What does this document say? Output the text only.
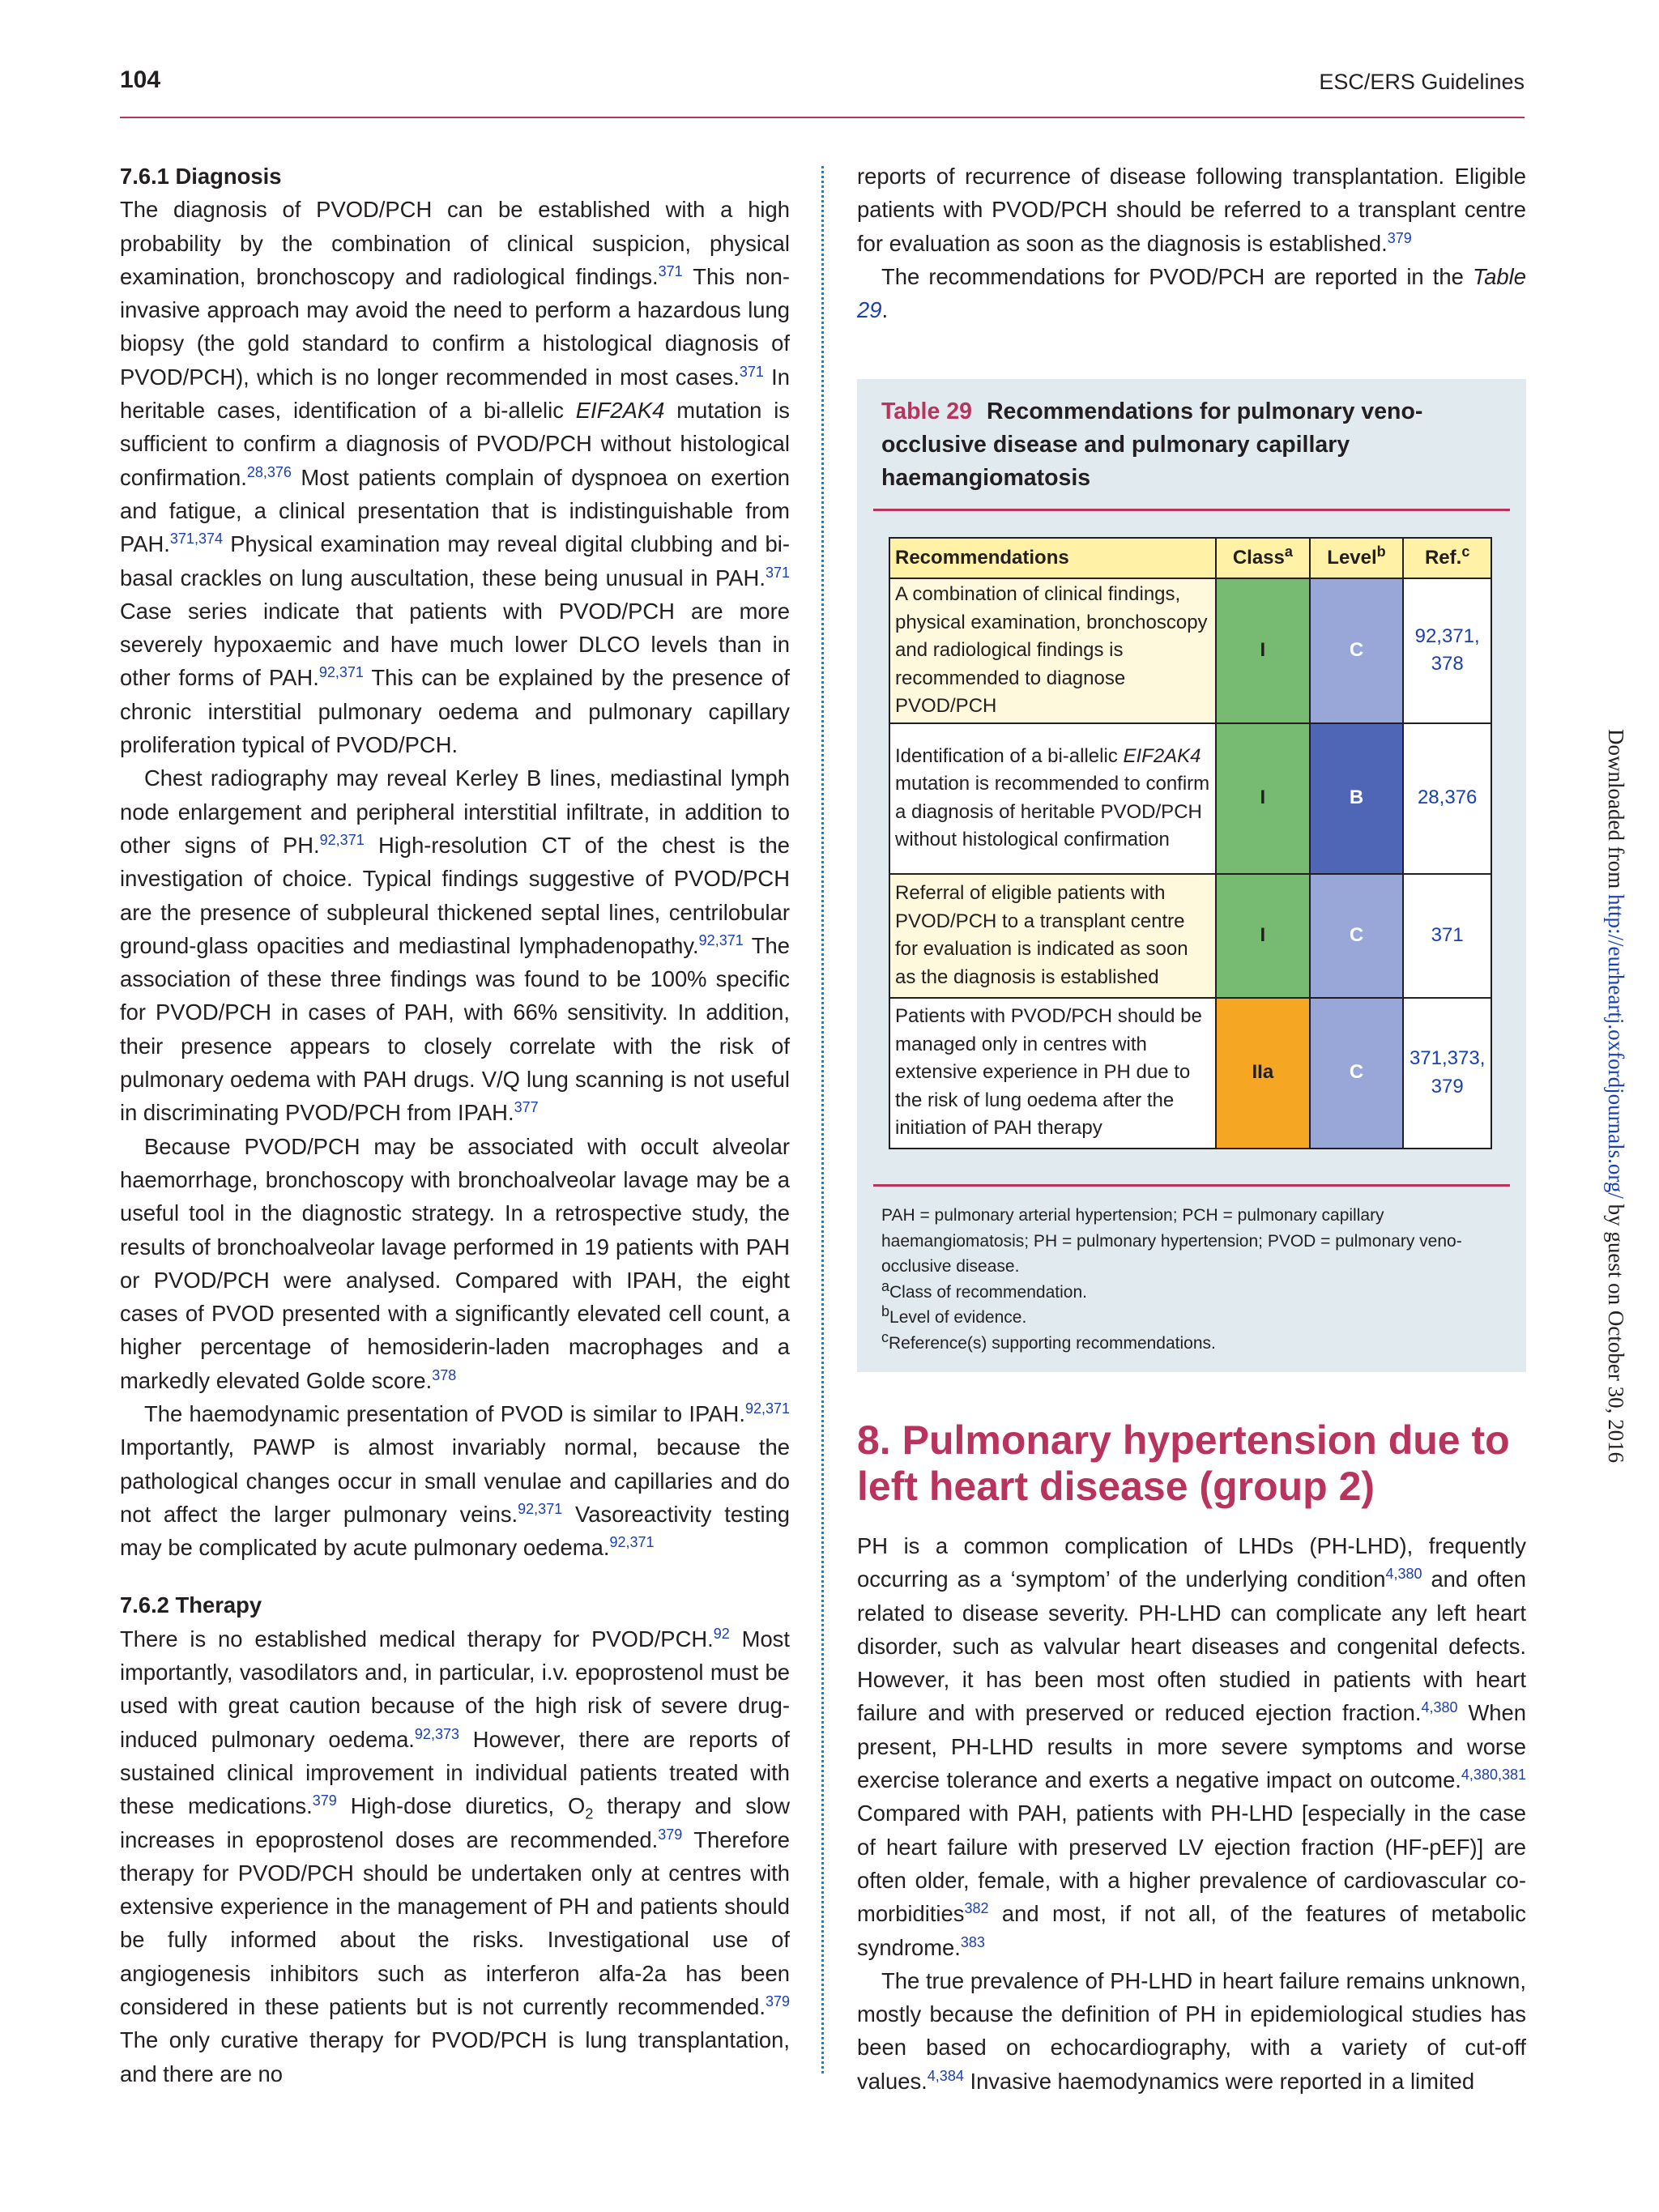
104	ESC/ERS Guidelines
7.6.1 Diagnosis

The diagnosis of PVOD/PCH can be established with a high probability by the combination of clinical suspicion, physical examination, bronchoscopy and radiological findings.$^{371}$ This non-invasive approach may avoid the need to perform a hazardous lung biopsy (the gold standard to confirm a histological diagnosis of PVOD/PCH), which is no longer recommended in most cases.$^{371}$ In heritable cases, identification of a bi-allelic EIF2AK4 mutation is sufficient to confirm a diagnosis of PVOD/PCH without histological confirmation.$^{28,376}$ Most patients complain of dyspnoea on exertion and fatigue, a clinical presentation that is indistinguishable from PAH.$^{371,374}$ Physical examination may reveal digital clubbing and bi-basal crackles on lung auscultation, these being unusual in PAH.$^{371}$ Case series indicate that patients with PVOD/PCH are more severely hypoxaemic and have much lower DLCO levels than in other forms of PAH.$^{92,371}$ This can be explained by the presence of chronic interstitial pulmonary oedema and pulmonary capillary proliferation typical of PVOD/PCH.

Chest radiography may reveal Kerley B lines, mediastinal lymph node enlargement and peripheral interstitial infiltrate, in addition to other signs of PH.$^{92,371}$ High-resolution CT of the chest is the investigation of choice. Typical findings suggestive of PVOD/PCH are the presence of subpleural thickened septal lines, centrilobular ground-glass opacities and mediastinal lymphadenopathy.$^{92,371}$ The association of these three findings was found to be 100% specific for PVOD/PCH in cases of PAH, with 66% sensitivity. In addition, their presence appears to closely correlate with the risk of pulmonary oedema with PAH drugs. V/Q lung scanning is not useful in discriminating PVOD/PCH from IPAH.$^{377}$

Because PVOD/PCH may be associated with occult alveolar haemorrhage, bronchoscopy with bronchoalveolar lavage may be a useful tool in the diagnostic strategy. In a retrospective study, the results of bronchoalveolar lavage performed in 19 patients with PAH or PVOD/PCH were analysed. Compared with IPAH, the eight cases of PVOD presented with a significantly elevated cell count, a higher percentage of hemosiderin-laden macrophages and a markedly elevated Golde score.$^{378}$

The haemodynamic presentation of PVOD is similar to IPAH.$^{92,371}$ Importantly, PAWP is almost invariably normal, because the pathological changes occur in small venulae and capillaries and do not affect the larger pulmonary veins.$^{92,371}$ Vasoreactivity testing may be complicated by acute pulmonary oedema.$^{92,371}$

7.6.2 Therapy

There is no established medical therapy for PVOD/PCH.$^{92}$ Most importantly, vasodilators and, in particular, i.v. epoprostenol must be used with great caution because of the high risk of severe drug-induced pulmonary oedema.$^{92,373}$ However, there are reports of sustained clinical improvement in individual patients treated with these medications.$^{379}$ High-dose diuretics, $O_2$ therapy and slow increases in epoprostenol doses are recommended.$^{379}$ Therefore therapy for PVOD/PCH should be undertaken only at centres with extensive experience in the management of PH and patients should be fully informed about the risks. Investigational use of angiogenesis inhibitors such as interferon alfa-2a has been considered in these patients but is not currently recommended.$^{379}$ The only curative therapy for PVOD/PCH is lung transplantation, and there are no

reports of recurrence of disease following transplantation. Eligible patients with PVOD/PCH should be referred to a transplant centre for evaluation as soon as the diagnosis is established.$^{379}$

The recommendations for PVOD/PCH are reported in the Table 29.

Table 29 Recommendations for pulmonary veno-occlusive disease and pulmonary capillary haemangiomatosis
Recommendations	Class$^a$	Level$^b$	Ref.$^c$
A combination of clinical findings, physical examination, bronchoscopy and radiological findings is recommended to diagnose PVOD/PCH	I	C	92,371, 378
Identification of a bi-allelic EIF2AK4 mutation is recommended to confirm a diagnosis of heritable PVOD/PCH without histological confirmation	I	B	28,376
Referral of eligible patients with PVOD/PCH to a transplant centre for evaluation is indicated as soon as the diagnosis is established	I	C	371
Patients with PVOD/PCH should be managed only in centres with extensive experience in PH due to the risk of lung oedema after the initiation of PAH therapy	IIa	C	371,373, 379

PAH = pulmonary arterial hypertension; PCH = pulmonary capillary haemangiomatosis; PH = pulmonary hypertension; PVOD = pulmonary veno-occlusive disease.

$^a$Class of recommendation.

$^b$Level of evidence.

$^c$Reference(s) supporting recommendations.

8. Pulmonary hypertension due to left heart disease (group 2)

PH is a common complication of LHDs (PH-LHD), frequently occurring as a ‘symptom’ of the underlying condition$^{4,380}$ and often related to disease severity. PH-LHD can complicate any left heart disorder, such as valvular heart diseases and congenital defects. However, it has been most often studied in patients with heart failure and with preserved or reduced ejection fraction.$^{4,380}$ When present, PH-LHD results in more severe symptoms and worse exercise tolerance and exerts a negative impact on outcome.$^{4,380,381}$ Compared with PAH, patients with PH-LHD [especially in the case of heart failure with preserved LV ejection fraction (HF-pEF)] are often older, female, with a higher prevalence of cardiovascular co-morbidities$^{382}$ and most, if not all, of the features of metabolic syndrome.$^{383}$

The true prevalence of PH-LHD in heart failure remains unknown, mostly because the definition of PH in epidemiological studies has been based on echocardiography, with a variety of cut-off values.$^{4,384}$ Invasive haemodynamics were reported in a limited

Downloaded from http://eurheartj.oxfordjournals.org/ by guest on October 30, 2016
